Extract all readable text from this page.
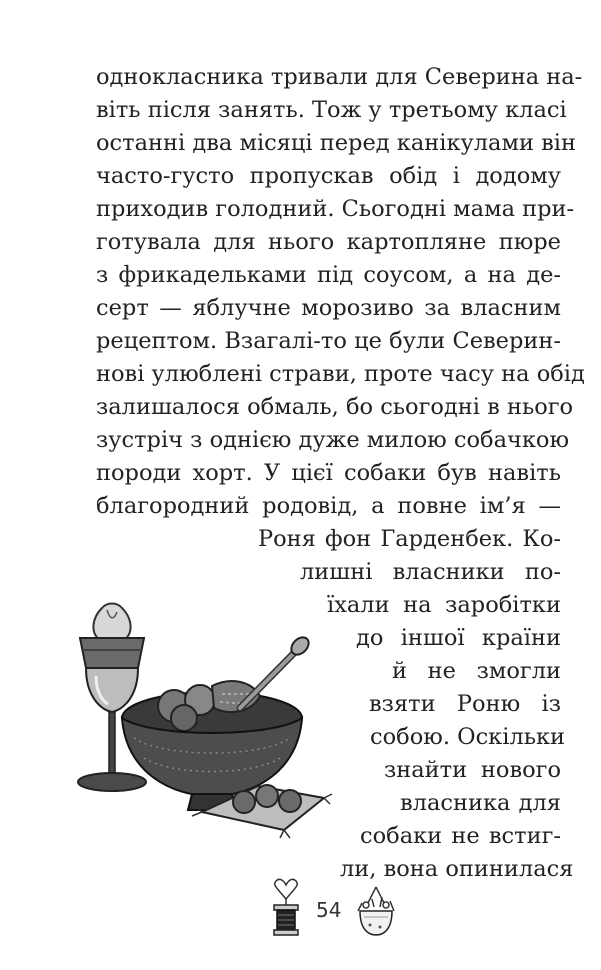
однокласника тривали для Северина на-
віть після занять. Тож у третьому класі
останні два місяці перед канікулами він
часто-густо пропускав обід і додому
приходив голодний. Сьогодні мама при-
готувала для нього картопляне пюре
з фрикадельками під соусом, а на де-
серт — яблучне морозиво за власним
рецептом. Взагалі-то це були Северин-
нові улюблені страви, проте часу на обід
залишалося обмаль, бо сьогодні в нього
зустріч з однією дуже милою собачкою
породи хорт. У цієї собаки був навіть
благородний родовід, а повне ім’я —
Роня фон Гарденбек. Ко-
лишні власники по-
їхали на заробітки
до іншої країни
й не змогли
взяти Роню із
собою. Оскільки
знайти нового
власника для
собаки не встиг-
ли, вона опинилася
54
